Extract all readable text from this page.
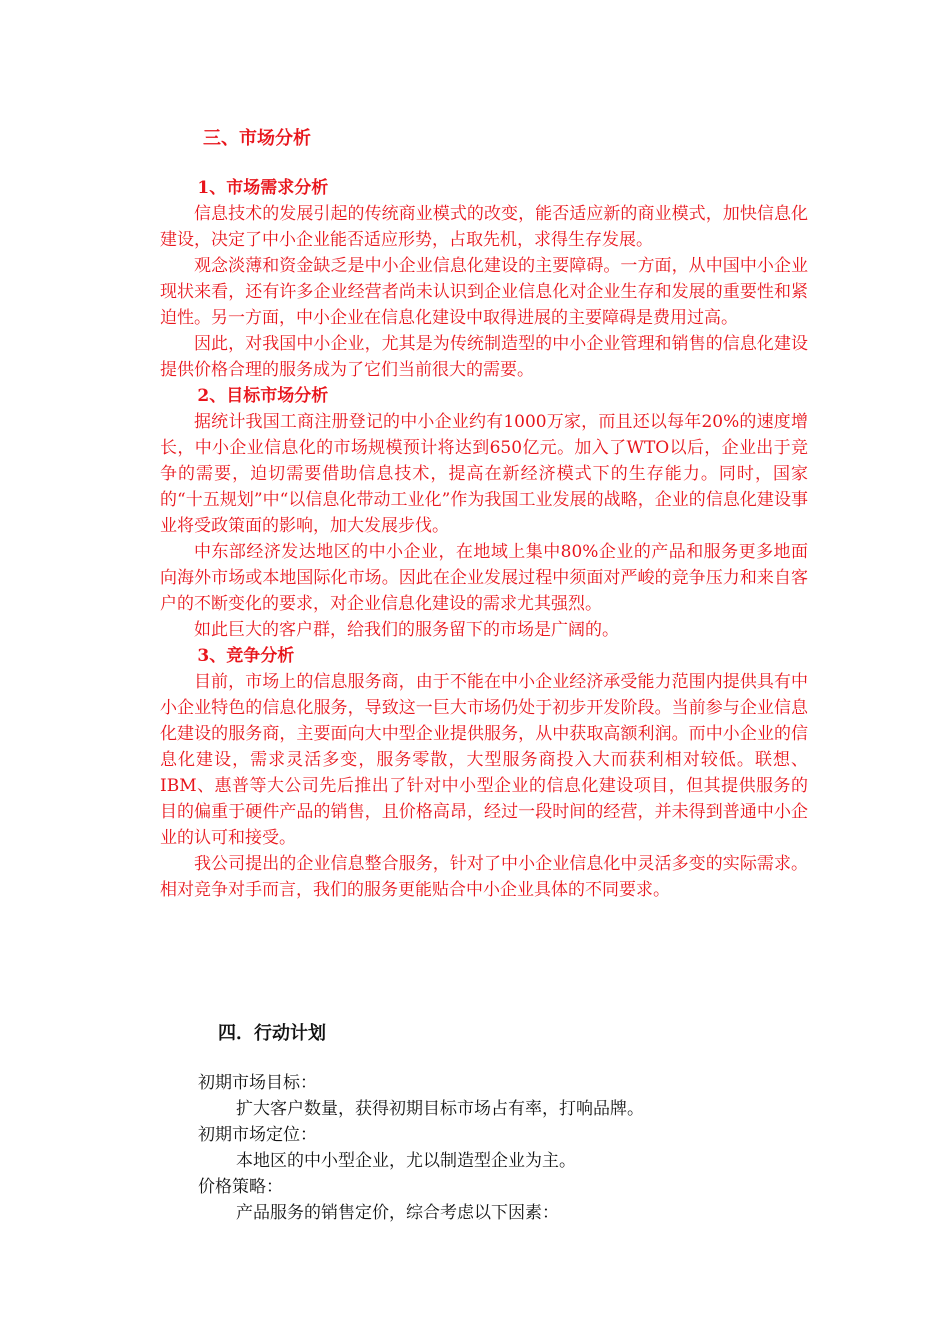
三、市场分析
1、市场需求分析

信息技术的发展引起的传统商业模式的改变，能否适应新的商业模式，加快信息化建设，决定了中小企业能否适应形势，占取先机，求得生存发展。

观念淡薄和资金缺乏是中小企业信息化建设的主要障碍。一方面，从中国中小企业现状来看，还有许多企业经营者尚未认识到企业信息化对企业生存和发展的重要性和紧迫性。另一方面，中小企业在信息化建设中取得进展的主要障碍是费用过高。

因此，对我国中小企业，尤其是为传统制造型的中小企业管理和销售的信息化建设提供价格合理的服务成为了它们当前很大的需要。

2、目标市场分析

据统计我国工商注册登记的中小企业约有1000万家，而且还以每年20%的速度增长，中小企业信息化的市场规模预计将达到650亿元。加入了WTO以后，企业出于竞争的需要，迫切需要借助信息技术，提高在新经济模式下的生存能力。同时，国家的“十五规划”中“以信息化带动工业化”作为我国工业发展的战略，企业的信息化建设事业将受政策面的影响，加大发展步伐。

中东部经济发达地区的中小企业，在地域上集中80%企业的产品和服务更多地面向海外市场或本地国际化市场。因此在企业发展过程中须面对严峻的竞争压力和来自客户的不断变化的要求，对企业信息化建设的需求尤其强烈。

如此巨大的客户群，给我们的服务留下的市场是广阔的。

3、竞争分析

目前，市场上的信息服务商，由于不能在中小企业经济承受能力范围内提供具有中小企业特色的信息化服务，导致这一巨大市场仍处于初步开发阶段。当前参与企业信息化建设的服务商，主要面向大中型企业提供服务，从中获取高额利润。而中小企业的信息化建设，需求灵活多变，服务零散，大型服务商投入大而获利相对较低。联想、IBM、惠普等大公司先后推出了针对中小型企业的信息化建设项目，但其提供服务的目的偏重于硬件产品的销售，且价格高昂，经过一段时间的经营，并未得到普通中小企业的认可和接受。

我公司提出的企业信息整合服务，针对了中小企业信息化中灵活多变的实际需求。相对竞争对手而言，我们的服务更能贴合中小企业具体的不同要求。

四．行动计划

初期市场目标：

扩大客户数量，获得初期目标市场占有率，打响品牌。

初期市场定位：

本地区的中小型企业，尤以制造型企业为主。

价格策略：

产品服务的销售定价，综合考虑以下因素：
